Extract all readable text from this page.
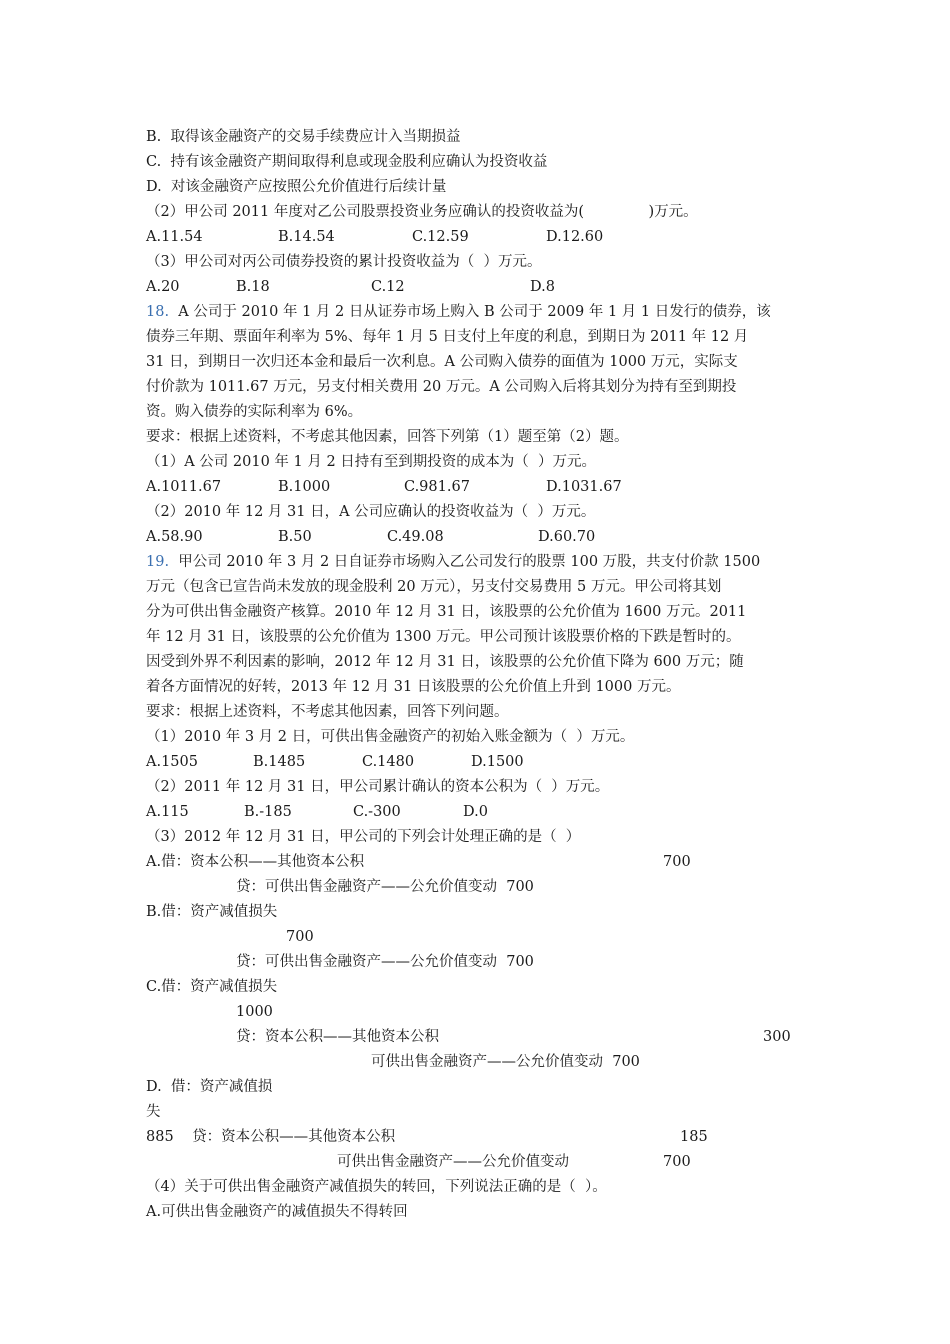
B.  取得该金融资产的交易手续费应计入当期损益
C.  持有该金融资产期间取得利息或现金股利应确认为投资收益
D.  对该金融资产应按照公允价值进行后续计量
（2）甲公司 2011 年度对乙公司股票投资业务应确认的投资收益为(              )万元。
A.11.54	B.14.54	C.12.59	D.12.60
（3）甲公司对丙公司债券投资的累计投资收益为（  ）万元。
A.20	B.18	C.12	D.8
18. A 公司于 2010 年 1 月 2 日从证券市场上购入 B 公司于 2009 年 1 月 1 日发行的债券，该
债券三年期、票面年利率为 5%、每年 1 月 5 日支付上年度的利息，到期日为 2011 年 12 月
31 日，到期日一次归还本金和最后一次利息。A 公司购入债券的面值为 1000 万元，实际支
付价款为 1011.67 万元，另支付相关费用 20 万元。A 公司购入后将其划分为持有至到期投
资。购入债券的实际利率为 6%。
要求：根据上述资料，不考虑其他因素，回答下列第（1）题至第（2）题。
（1）A 公司 2010 年 1 月 2 日持有至到期投资的成本为（  ）万元。
A.1011.67	B.1000	C.981.67	D.1031.67
（2）2010 年 12 月 31 日，A 公司应确认的投资收益为（  ）万元。
A.58.90	B.50	C.49.08	D.60.70
19. 甲公司 2010 年 3 月 2 日自证券市场购入乙公司发行的股票 100 万股，共支付价款 1500
万元（包含已宣告尚未发放的现金股利 20 万元），另支付交易费用 5 万元。甲公司将其划
分为可供出售金融资产核算。2010 年 12 月 31 日，该股票的公允价值为 1600 万元。2011
年 12 月 31 日，该股票的公允价值为 1300 万元。甲公司预计该股票价格的下跌是暂时的。
因受到外界不利因素的影响，2012 年 12 月 31 日，该股票的公允价值下降为 600 万元；随
着各方面情况的好转，2013 年 12 月 31 日该股票的公允价值上升到 1000 万元。
要求：根据上述资料，不考虑其他因素，回答下列问题。
（1）2010 年 3 月 2 日，可供出售金融资产的初始入账金额为（  ）万元。
A.1505	B.1485	C.1480	D.1500
（2）2011 年 12 月 31 日，甲公司累计确认的资本公积为（  ）万元。
A.115	B.-185	C.-300	D.0
（3）2012 年 12 月 31 日，甲公司的下列会计处理正确的是（  ）
A.借：资本公积——其他资本公积	700
贷：可供出售金融资产——公允价值变动  700
B.借：资产减值损失
700
贷：可供出售金融资产——公允价值变动  700
C.借：资产减值损失
1000
贷：资本公积——其他资本公积	300
可供出售金融资产——公允价值变动  700
D.  借：资产减值损
失
885    贷：资本公积——其他资本公积	185
可供出售金融资产——公允价值变动	700
（4）关于可供出售金融资产减值损失的转回，下列说法正确的是（  ）。
A.可供出售金融资产的减值损失不得转回
